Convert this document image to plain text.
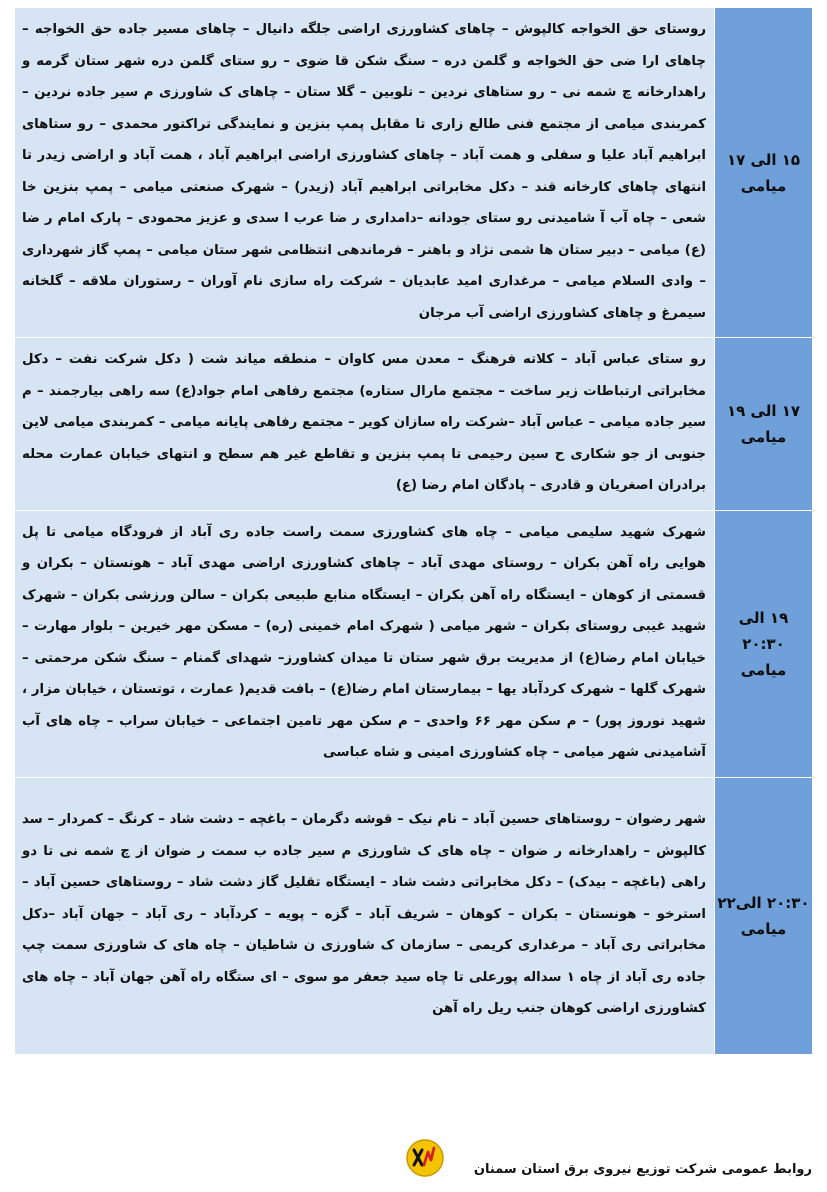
۱۵ الی ۱۷
میامی	روستای حق الخواجه کالپوش – چاهای کشاورزی اراضی جلگه دانیال – چاهای مسیر جاده حق الخواجه – چاهای ارا ضی حق الخواجه و گلمن دره – سنگ شکن قا ضوی – رو ستای گلمن دره شهر ستان گرمه و راهدارخانه چ شمه نی – رو ستاهای نردین – تلوبین – گلا ستان – چاهای ک شاورزی م سیر جاده نردین – کمربندی میامی از مجتمع فنی طالع زاری تا مقابل پمپ بنزین و نمایندگی تراکتور محمدی – رو ستاهای ابراهیم آباد علیا و سفلی و همت آباد – چاهای کشاورزی اراضی ابراهیم آباد ، همت آباد و اراضی زیدر تا انتهای چاهای کارخانه قند – دکل مخابراتی ابراهیم آباد (زیدر) – شهرک صنعتی میامی – پمپ بنزین خا شعی – چاه آب آ شامیدنی رو ستای جودانه –دامداری ر ضا عرب ا سدی و عزیز محمودی – پارک امام ر ضا (ع) میامی – دبیر ستان ها شمی نژاد و باهنر – فرماندهی انتظامی شهر ستان میامی – پمپ گاز شهرداری – وادی السلام میامی – مرغداری امید عابدیان – شرکت راه سازی نام آوران – رستوران ملاقه – گلخانه سیمرغ و چاهای کشاورزی اراضی آب مرجان

۱۷ الی ۱۹
میامی	رو ستای عباس آباد – کلاته فرهنگ – معدن مس کاوان – منطقه میاند شت ( دکل شرکت نفت – دکل مخابراتی ارتباطات زیر ساخت – مجتمع مارال ستاره) مجتمع رفاهی امام جواد(ع) سه راهی بیارجمند – م سیر جاده میامی – عباس آباد –شرکت راه سازان کویر – مجتمع رفاهی پایانه میامی – کمربندی میامی لاین جنوبی از جو شکاری ح سین رحیمی تا پمپ بنزین و تقاطع غیر هم سطح و انتهای خیابان عمارت محله برادران اصغریان و قادری – پادگان امام رضا (ع)

۱۹ الی ۲۰:۳۰
میامی	شهرک شهید سلیمی میامی – چاه های کشاورزی سمت راست جاده ری آباد از فرودگاه میامی تا پل هوایی راه آهن بکران – روستای مهدی آباد – چاهای کشاورزی اراضی مهدی آباد – هونستان – بکران و قسمتی از کوهان – ایستگاه راه آهن بکران – ایستگاه منابع طبیعی بکران – سالن ورزشی بکران – شهرک شهید غیبی روستای بکران – شهر میامی ( شهرک امام خمینی (ره) – مسکن مهر خیرین – بلوار مهارت – خیابان امام رضا(ع) از مدیریت برق شهر ستان تا میدان کشاورز– شهدای گمنام – سنگ شکن مرحمتی – شهرک گلها – شهرک کردآباد یها – بیمارستان امام رضا(ع) – بافت قدیم( عمارت ، توتستان ، خیابان مزار ، شهید نوروز پور) – م سکن مهر ۶۶ واحدی – م سکن مهر تامین اجتماعی – خیابان سراب – چاه های آب آشامیدنی شهر میامی – چاه کشاورزی امینی و شاه عباسی

۲۰:۳۰ الی۲۲
میامی	شهر رضوان – روستاهای حسین آباد – نام نیک – قوشه دگرمان – باغچه – دشت شاد – کرنگ – کمردار – سد کالپوش – راهدارخانه ر ضوان – چاه های ک شاورزی م سیر جاده ب سمت ر ضوان از چ شمه نی تا دو راهی (باغچه – بیدک) – دکل مخابراتی دشت شاد – ایستگاه تقلیل گاز دشت شاد – روستاهای حسین آباد – استرخو – هونستان – بکران – کوهان – شریف آباد – گزه – پویه – کردآباد – ری آباد – جهان آباد –دکل مخابراتی ری آباد – مرغداری کریمی – سازمان ک شاورزی ن شاطیان – چاه های ک شاورزی سمت چپ جاده ری آباد از چاه ۱ سداله پورعلی تا چاه سید جعفر مو سوی – ای ستگاه راه آهن جهان آباد – چاه های کشاورزی اراضی کوهان جنب ریل راه آهن
روابط عمومی شرکت توزیع نیروی برق استان سمنان
